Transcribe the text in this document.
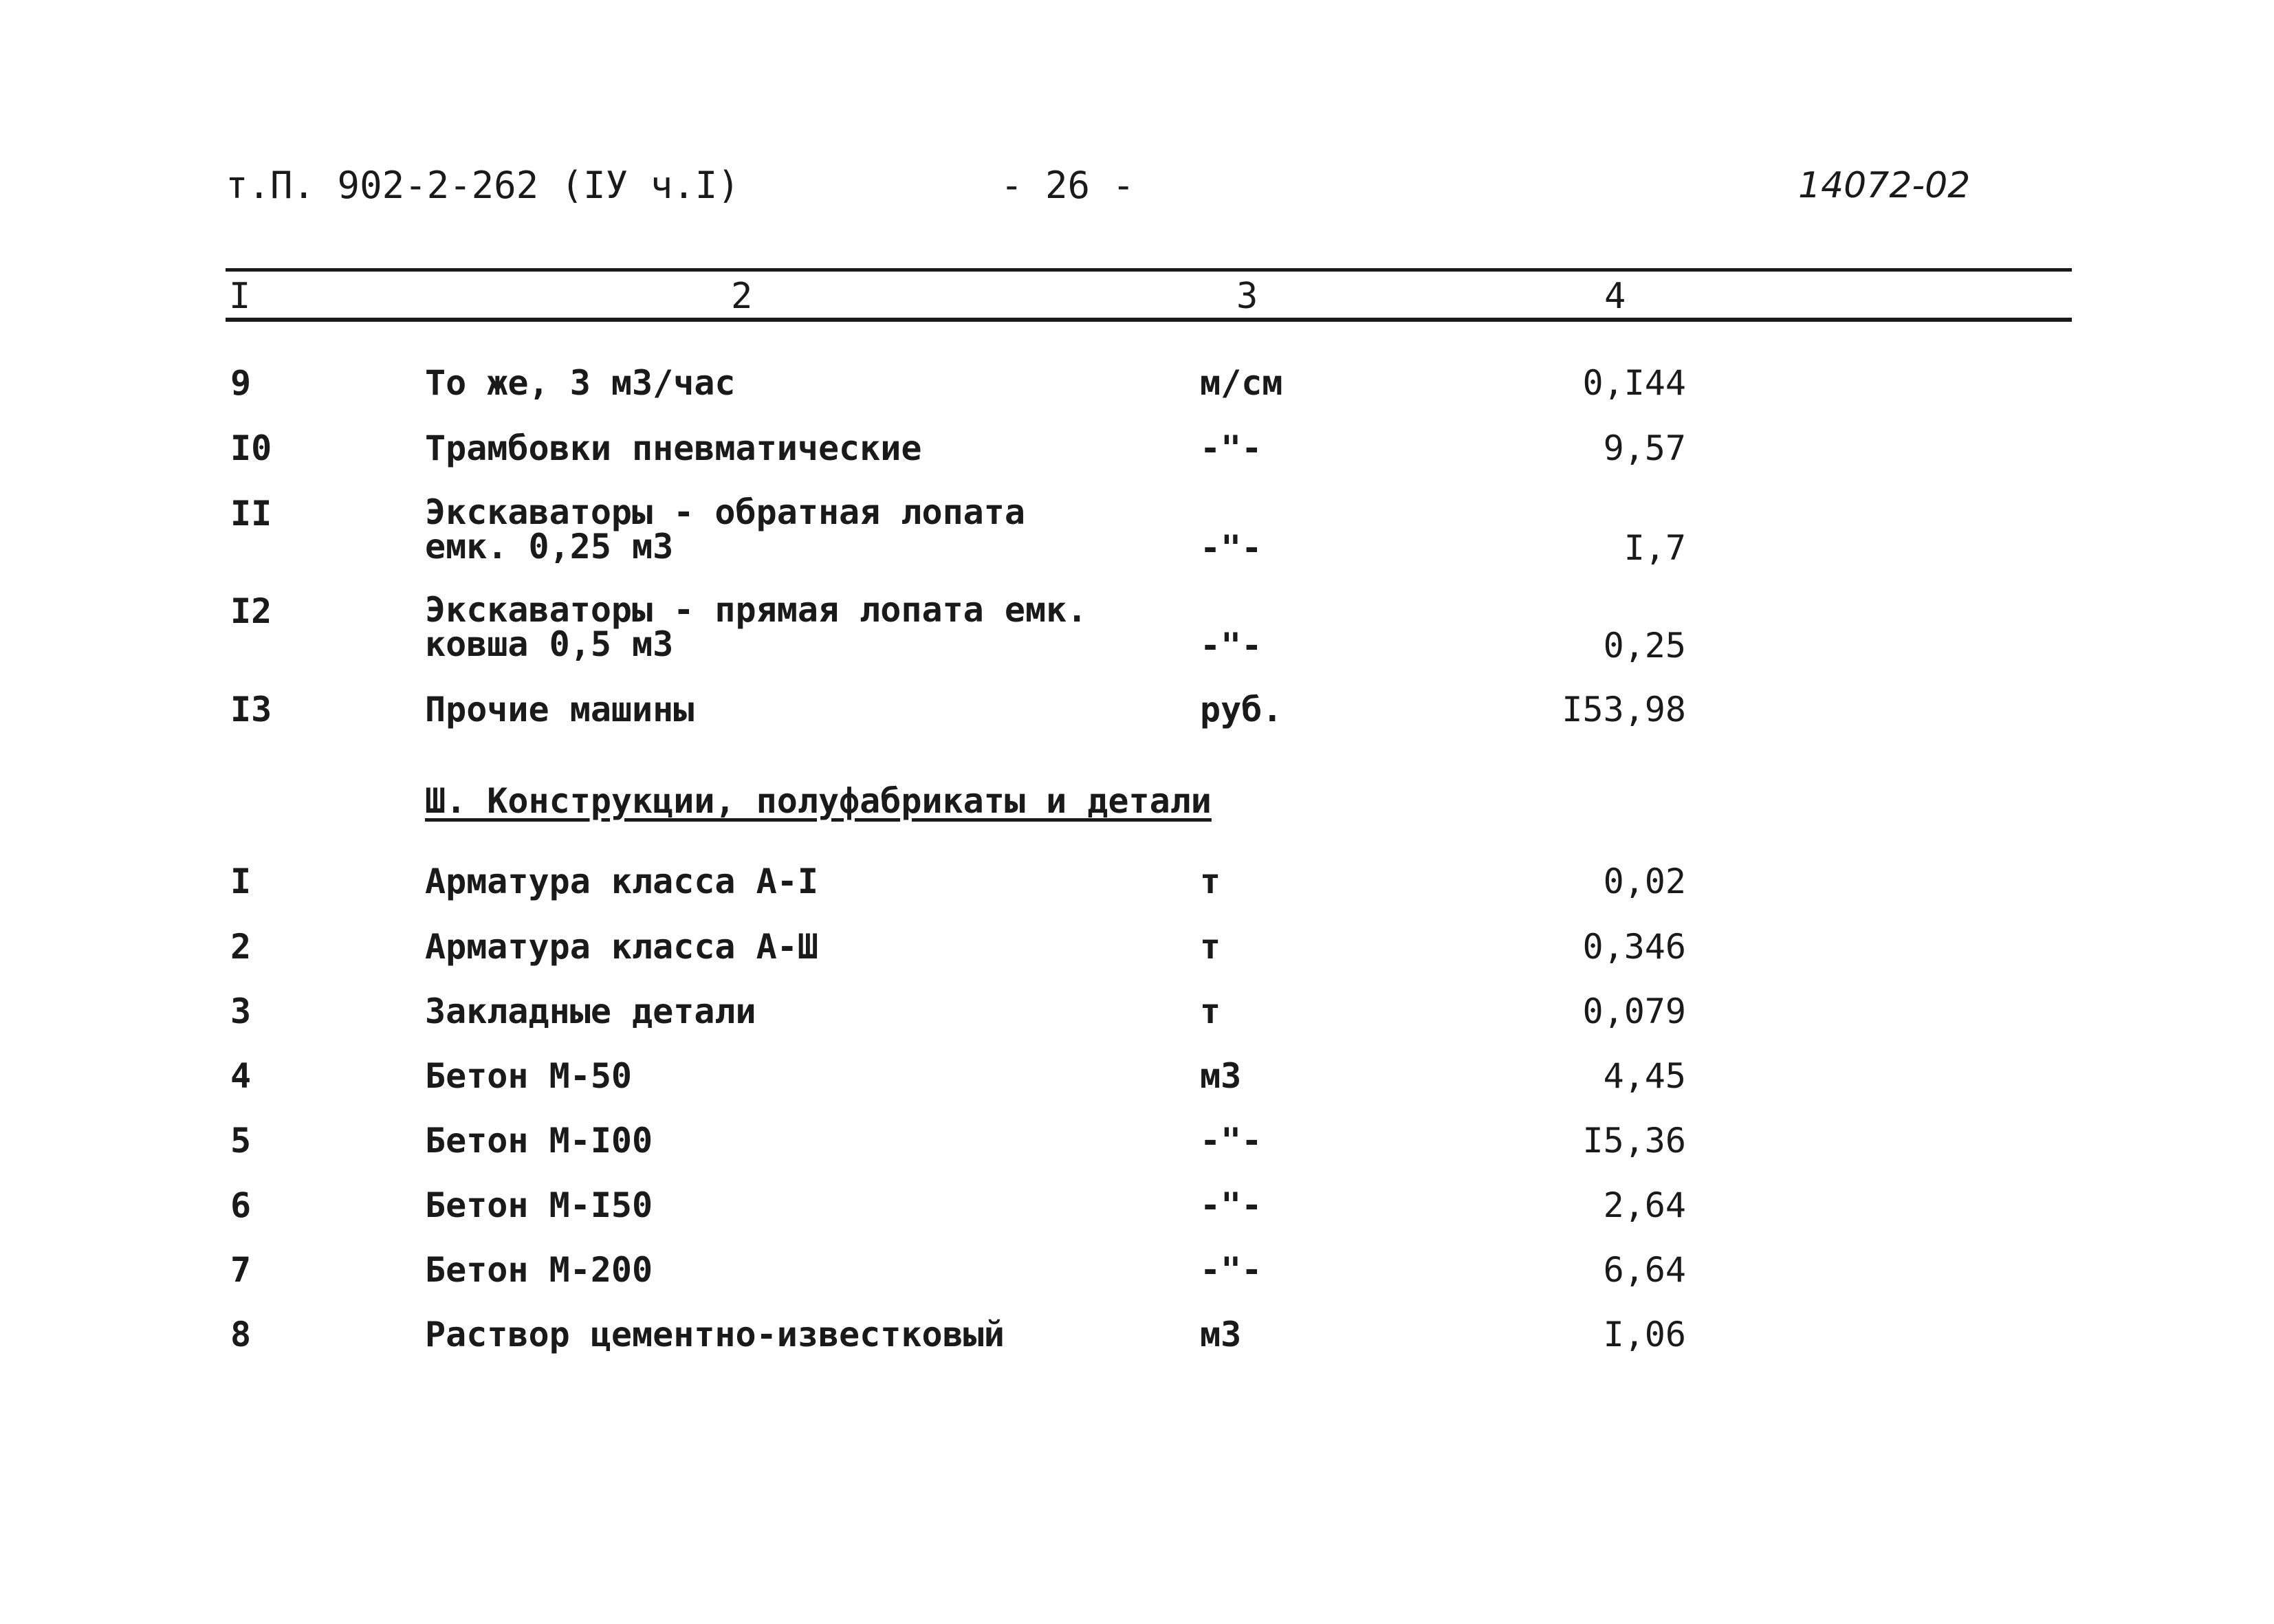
т.П. 902-2-262 (IУ ч.I)	- 26 -	14072-02
I	2	3	4
9	То же, 3 м3/час	м/см	0,I44
I0	Трамбовки пневматические	-"-	9,57
II	Экскаваторы - обратная лопата
емк. 0,25 м3	-"-	I,7
I2	Экскаваторы - прямая лопата емк.
ковша 0,5 м3	-"-	0,25
I3	Прочие машины	руб.	I53,98
Ш. Конструкции, полуфабрикаты и детали
I	Арматура класса А-I	т	0,02
2	Арматура класса А-Ш	т	0,346
3	Закладные детали	т	0,079
4	Бетон М-50	м3	4,45
5	Бетон М-I00	-"-	I5,36
6	Бетон М-I50	-"-	2,64
7	Бетон М-200	-"-	6,64
8	Раствор цементно-известковый	м3	I,06
